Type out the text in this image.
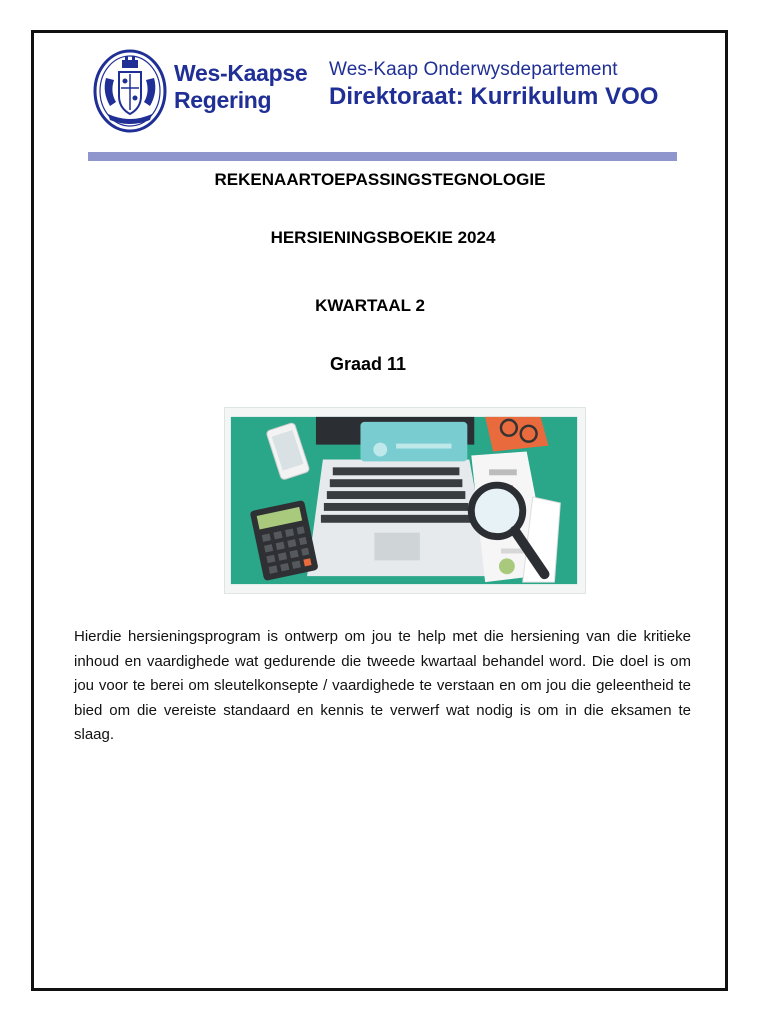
Wes-Kaapse
Regering
Wes-Kaap Onderwysdepartement
Direktoraat: Kurrikulum VOO
REKENAARTOEPASSINGSTEGNOLOGIE
HERSIENINGSBOEKIE 2024
KWARTAAL 2
Graad 11
Hierdie hersieningsprogram is ontwerp om jou te help met die hersiening van die kritieke inhoud en vaardighede wat gedurende die tweede kwartaal behandel word. Die doel is om jou voor te berei om sleutelkonsepte / vaardighede te verstaan en om jou die geleentheid te bied om die vereiste standaard en kennis te verwerf wat nodig is om in die eksamen te slaag.
